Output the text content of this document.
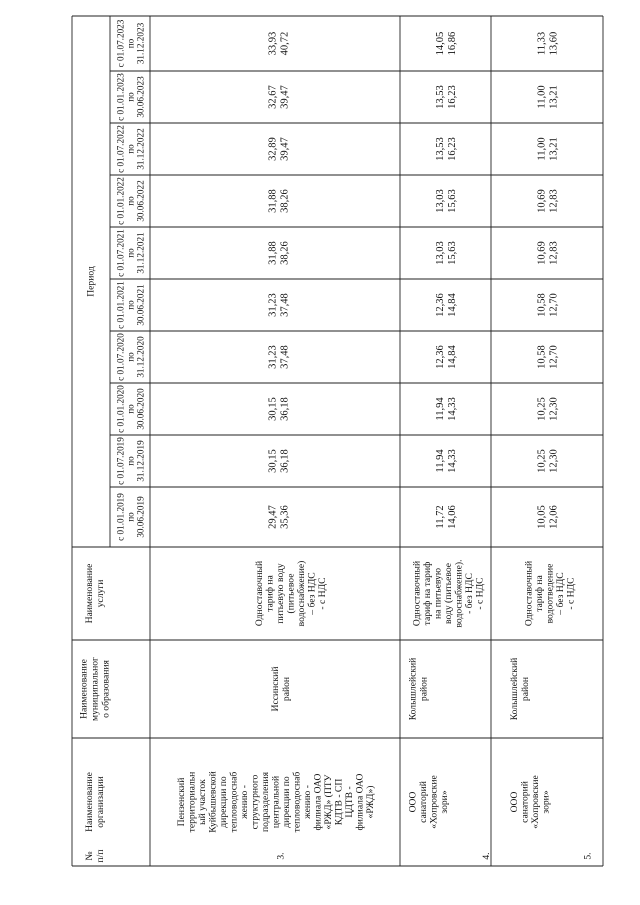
№п/п
Наименованиеорганизации
Наименованиемуниципального образования
Наименованиеуслуги
Период
с 01.01.2019по30.06.2019
с 01.07.2019по31.12.2019
с 01.01.2020по30.06.2020
с 01.07.2020по31.12.2020
с 01.01.2021по30.06.2021
с 01.07.2021по31.12.2021
с 01.01.2022по30.06.2022
с 01.07.2022по31.12.2022
с 01.01.2023по30.06.2023
с 01.07.2023по31.12.2023
3.
Пензенскийтерриториальный участокКуйбышевскойдирекции потепловодоснабжению -структурногоподразделенияцентральнойдирекции потепловодоснабжению -филиала ОАО«РЖД» (ПТУКДТВ - СПЦДТВ -филиала ОАО«РЖД»)
Иссинскийрайон
Одноставочныйтариф напитьевую воду(питьевоеводоснабжение)– без НДС- с НДС
29,4735,36
30,1536,18
30,1536,18
31,2337,48
31,2337,48
31,8838,26
31,8838,26
32,8939,47
32,6739,47
33,9340,72
4.
ОООсанаторий«Хопровскиезори»
Колышлейскийрайон
Одноставочныйтариф на тарифна питьевуюводу (питьевоеводоснабжение).- без НДС- с НДС
11,7214,06
11,9414,33
11,9414,33
12,3614,84
12,3614,84
13,0315,63
13,0315,63
13,5316,23
13,5316,23
14,0516,86
5.
ОООсанаторий«Хопровскиезори»
Колышлейскийрайон
Одноставочныйтариф наводоотведение– без НДС- с НДС
10,0512,06
10,2512,30
10,2512,30
10,5812,70
10,5812,70
10,6912,83
10,6912,83
11,0013,21
11,0013,21
11,3313,60
